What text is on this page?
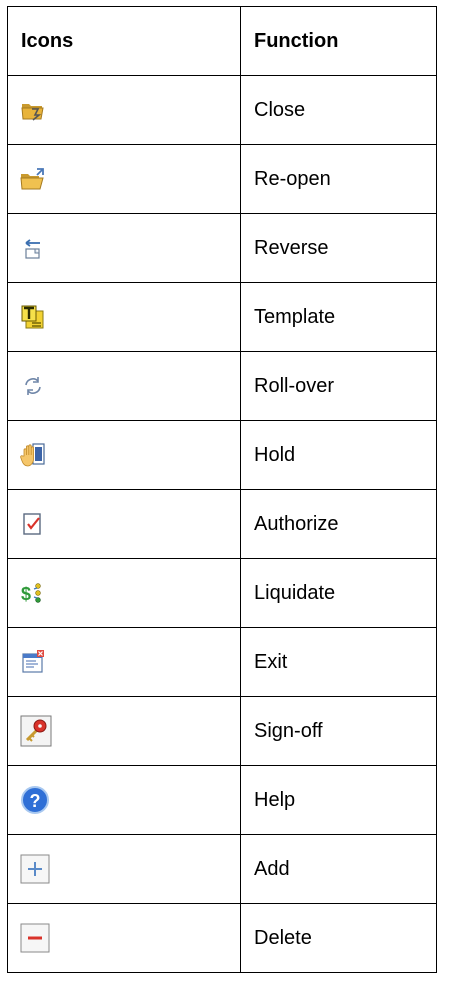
Icons	Function

	Close

	Re-open

	Reverse

	Template

	Roll-over

	Hold

	Authorize

$	Liquidate

	Exit

	Sign-off

?	Help

	Add

	Delete
